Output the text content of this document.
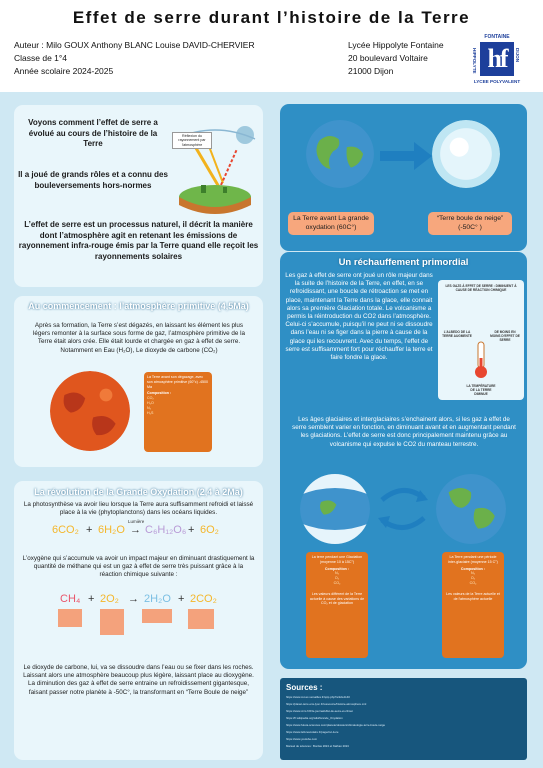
Effet de serre durant l’histoire de la Terre
Auteur : Milo GOUX Anthony BLANC Louise DAVID-CHERVIER
Classe de 1°4
Année scolaire 2024-2025
Lycée Hippolyte Fontaine
20 boulevard Voltaire
21000 Dijon
FONTAINE
HIPPOLYTE hf	DIJON
LYCEE POLYVALENT
Voyons comment l’effet de serre a évolué au cours de l’histoire de la Terre
Il a joué de grands rôles et a connu des bouleversements hors-normes
L’effet de serre est un processus naturel, il décrit la manière dont l’atmosphère agit en retenant les émissions de rayonnement infra-rouge émis par la Terre quand elle reçoit les rayonnements solaires
Réflexion du rayonnement par l'atmosphère
La Terre avant La grande oxydation (60C°)
“Terre boule de neige” (-50C° )
Au commencement : l’atmosphère primitive (4,5Ma)
Après sa formation, la Terre s’est dégazés, en laissant les élément les plus légers remonter à la surface sous forme de gaz, l’atmosphère primitive de la Terre était alors crée. Elle était lourde et chargée en gaz à effet de serre. Notamment en Eau (H₂O), Le dioxyde de carbone (CO₂)
La Terre avant son dégazage, avec son atmosphère primitive (60°c) -4500 Ma
Composition :
CO₂
H₂O
N₂
H₂S
La révolution de la Grande Oxydation (2,4 à 2Ma)
La photosynthèse va avoir lieu lorsque la Terre aura suffisamment refroidi et laissé place à la vie (phytoplanctons) dans les océans liquides.
6CO₂ + 6H₂O →
Lumière
C₆H₁₂O₆ + 6O₂
L’oxygène qui s’accumule va avoir un impact majeur en diminuant drastiquement la quantité de méthane qui est un gaz à effet de serre très puissant grâce à la réaction chimique suivante :
CH₄ + 2O₂ → 2H₂O + 2CO₂
Le dioxyde de carbone, lui, va se dissoudre dans l’eau ou se fixer dans les roches. Laissant alors une atmosphère beaucoup plus légère, laissant place au dioxygène. La diminution des gaz à effet de serre entraine un refroidissement gigantesque, faisant passer notre planète à -50C°, la transformant en “Terre Boule de neige”
Un réchauffement primordial
Les gaz à effet de serre ont joué un rôle majeur dans la suite de l’histoire de la Terre, en effet, en se refroidissant, une boucle de rétroaction se met en place, maintenant la Terre dans la glace, elle connait alors sa première Glaciation totale. Le volcanisme a permis la réintroduction du CO2 dans l’atmosphère. Celui-ci s’accumule, puisqu’il ne peut ni se dissoudre dans l’eau ni se figer dans la pierre à cause de la glace qui les recouvrent. Avec du temps, l’effet de serre est suffisamment fort pour réchauffer la terre et faire fondre la glace.
LES GAZS À EFFET DE SERRE : DIMINUENT À CAUSE DE RÉACTION CHIMIQUE
L'ALBEDO DE LA TERRE AUGMENTE
DE MOINS EN MOINS D'EFFET DE SERRE
LA TEMPÉRATURE DE LA TERRE DIMINUE
Les âges glaciaires et interglaciaires s’enchainent alors, si les gaz à effet de serre semblent varier en fonction, en diminuant avant et en augmentant pendant les glaciations. L’effet de serre est donc principalement maintenu grâce au volcanisme qui expulse le CO2 du manteau terrestre.
La terre pendant une Glaciation (moyenne 10 à 15C°)
Composition :
N₂
O₂
CO₂
Les valeurs diffèrent de la Terre actuelle à cause des variations de CO₂ et de glaciation
La Terre pendant une période inter-glaciaire (moyenne 15 C°)
Composition :
N₂
O₂
CO₂
Les valeurs de la Terre actuelle et de l'atmosphère actuelle
Sources :
https://www.svt.ac-versailles.fr/spip.php?article1140
https://planet-terre.ens-lyon.fr/ressource/histoire-atmosphere.xml
https://www.cnrs.fr/fr/le-journal/effet-de-serre-et-climat
https://fr.wikipedia.org/wiki/Grande_Oxydation
https://www.futura-sciences.com/planete/dossiers/climatologie-terre-boule-neige
https://www.lelivrescolaire.fr/page/svt-1ere
https://www.youtube.com
Manuel de sciences : Bordas 2024 et Nathan 2024
